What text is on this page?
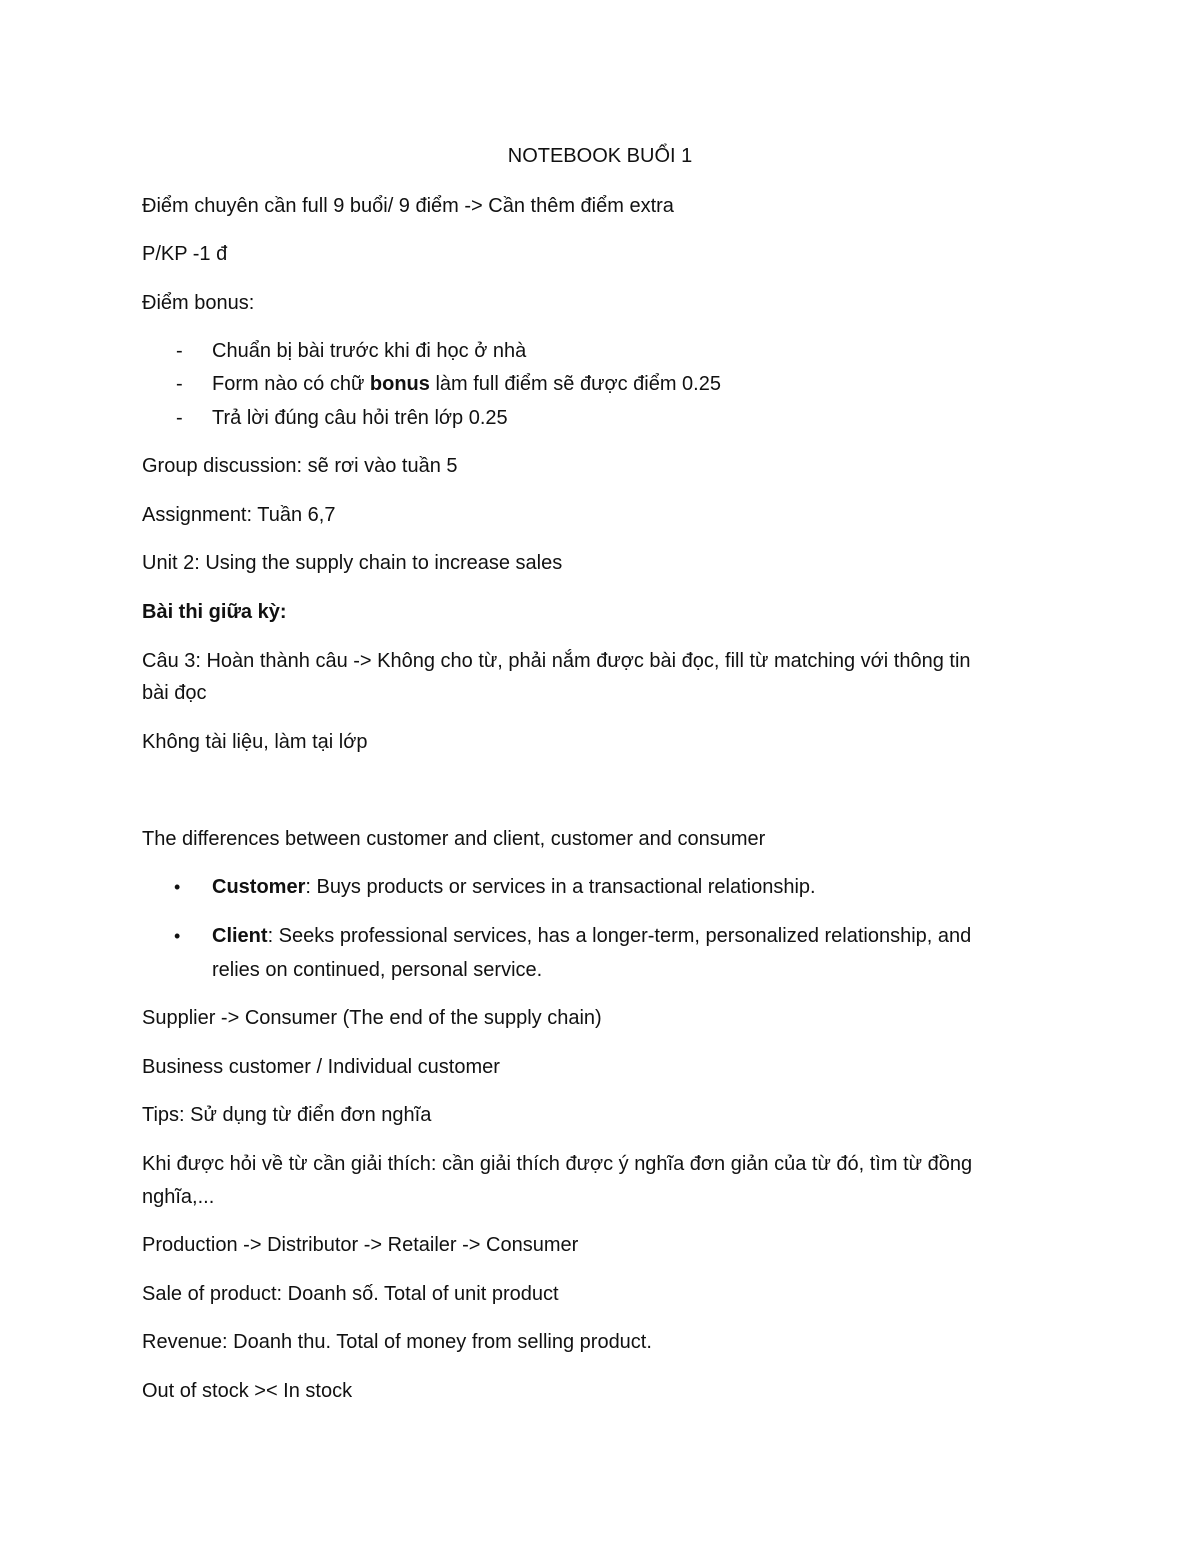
NOTEBOOK BUỔI 1
Điểm chuyên cần full 9 buổi/ 9 điểm -> Cần thêm điểm extra
P/KP -1 đ
Điểm bonus:
- Chuẩn bị bài trước khi đi học ở nhà
- Form nào có chữ bonus làm full điểm sẽ được điểm 0.25
- Trả lời đúng câu hỏi trên lớp 0.25
Group discussion: sẽ rơi vào tuần 5
Assignment: Tuần 6,7
Unit 2: Using the supply chain to increase sales
Bài thi giữa kỳ:
Câu 3: Hoàn thành câu -> Không cho từ, phải nắm được bài đọc, fill từ matching với thông tin
bài đọc
Không tài liệu, làm tại lớp
The differences between customer and client, customer and consumer
• Customer: Buys products or services in a transactional relationship.
• Client: Seeks professional services, has a longer-term, personalized relationship, and
relies on continued, personal service.
Supplier -> Consumer (The end of the supply chain)
Business customer / Individual customer
Tips: Sử dụng từ điển đơn nghĩa
Khi được hỏi về từ cần giải thích: cần giải thích được ý nghĩa đơn giản của từ đó, tìm từ đồng
nghĩa,...
Production -> Distributor -> Retailer -> Consumer
Sale of product: Doanh số. Total of unit product
Revenue: Doanh thu. Total of money from selling product.
Out of stock >< In stock
